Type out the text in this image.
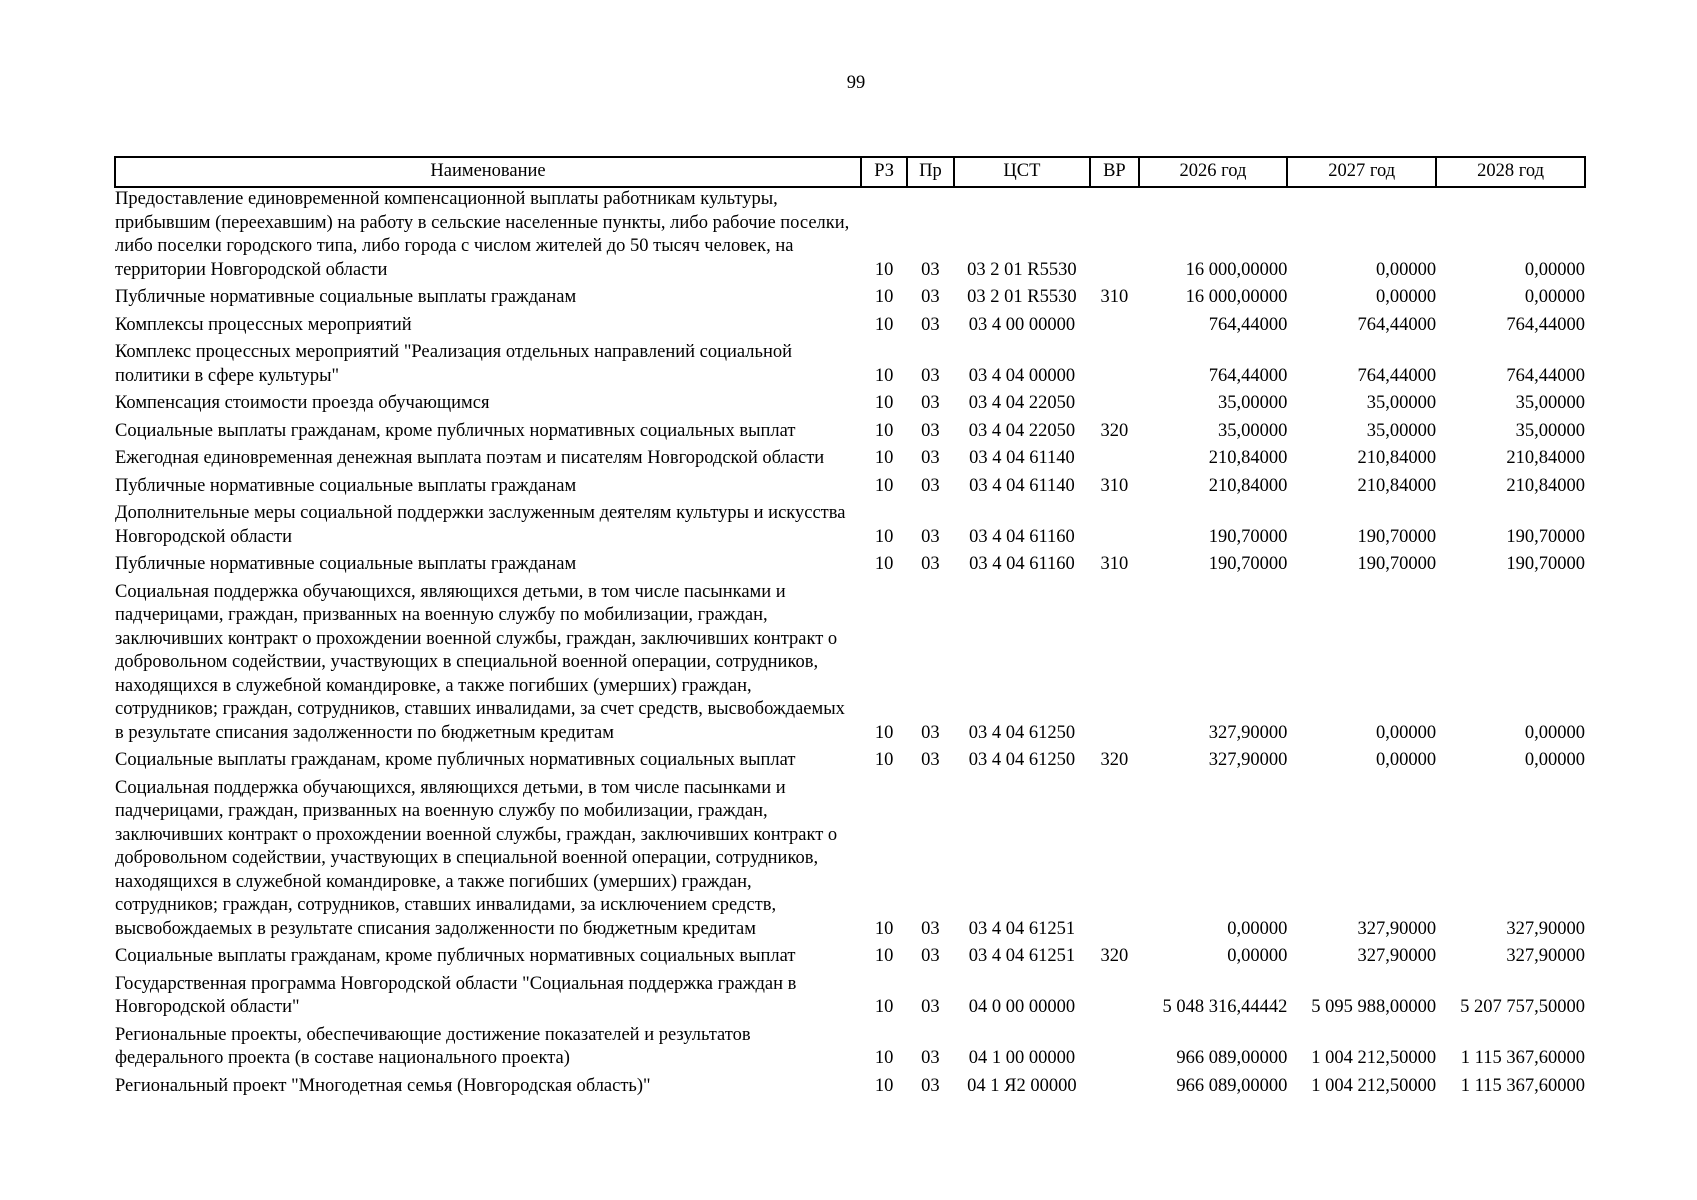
99
Наименование	РЗ	Пр	ЦСТ	ВР	2026 год	2027 год	2028 год
Предоставление единовременной компенсационной выплаты работникам культуры, прибывшим (переехавшим) на работу в сельские населенные пункты, либо рабочие поселки, либо поселки городского типа, либо города с числом жителей до 50 тысяч человек, на территории Новгородской области	10	03	03 2 01 R5530		16 000,00000	0,00000	0,00000
Публичные нормативные социальные выплаты гражданам	10	03	03 2 01 R5530	310	16 000,00000	0,00000	0,00000
Комплексы процессных мероприятий	10	03	03 4 00 00000		764,44000	764,44000	764,44000
Комплекс процессных мероприятий "Реализация отдельных направлений социальной политики в сфере культуры"	10	03	03 4 04 00000		764,44000	764,44000	764,44000
Компенсация стоимости проезда обучающимся	10	03	03 4 04 22050		35,00000	35,00000	35,00000
Социальные выплаты гражданам, кроме публичных нормативных социальных выплат	10	03	03 4 04 22050	320	35,00000	35,00000	35,00000
Ежегодная единовременная денежная выплата поэтам и писателям Новгородской области	10	03	03 4 04 61140		210,84000	210,84000	210,84000
Публичные нормативные социальные выплаты гражданам	10	03	03 4 04 61140	310	210,84000	210,84000	210,84000
Дополнительные меры социальной поддержки заслуженным деятелям культуры и искусства Новгородской области	10	03	03 4 04 61160		190,70000	190,70000	190,70000
Публичные нормативные социальные выплаты гражданам	10	03	03 4 04 61160	310	190,70000	190,70000	190,70000
Социальная поддержка обучающихся, являющихся детьми, в том числе пасынками и падчерицами, граждан, призванных на военную службу по мобилизации, граждан, заключивших контракт о прохождении военной службы, граждан, заключивших контракт о добровольном содействии, участвующих в специальной военной операции, сотрудников, находящихся в служебной командировке, а также погибших (умерших) граждан, сотрудников; граждан, сотрудников, ставших инвалидами, за счет средств, высвобождаемых в результате списания задолженности по бюджетным кредитам	10	03	03 4 04 61250		327,90000	0,00000	0,00000
Социальные выплаты гражданам, кроме публичных нормативных социальных выплат	10	03	03 4 04 61250	320	327,90000	0,00000	0,00000
Социальная поддержка обучающихся, являющихся детьми, в том числе пасынками и падчерицами, граждан, призванных на военную службу по мобилизации, граждан, заключивших контракт о прохождении военной службы, граждан, заключивших контракт о добровольном содействии, участвующих в специальной военной операции, сотрудников, находящихся в служебной командировке, а также погибших (умерших) граждан, сотрудников; граждан, сотрудников, ставших инвалидами, за исключением средств, высвобождаемых в результате списания задолженности по бюджетным кредитам	10	03	03 4 04 61251		0,00000	327,90000	327,90000
Социальные выплаты гражданам, кроме публичных нормативных социальных выплат	10	03	03 4 04 61251	320	0,00000	327,90000	327,90000
Государственная программа Новгородской области "Социальная поддержка граждан в Новгородской области"	10	03	04 0 00 00000		5 048 316,44442	5 095 988,00000	5 207 757,50000
Региональные проекты, обеспечивающие достижение показателей и результатов федерального проекта (в составе национального проекта)	10	03	04 1 00 00000		966 089,00000	1 004 212,50000	1 115 367,60000
Региональный проект "Многодетная семья (Новгородская область)"	10	03	04 1 Я2 00000		966 089,00000	1 004 212,50000	1 115 367,60000
